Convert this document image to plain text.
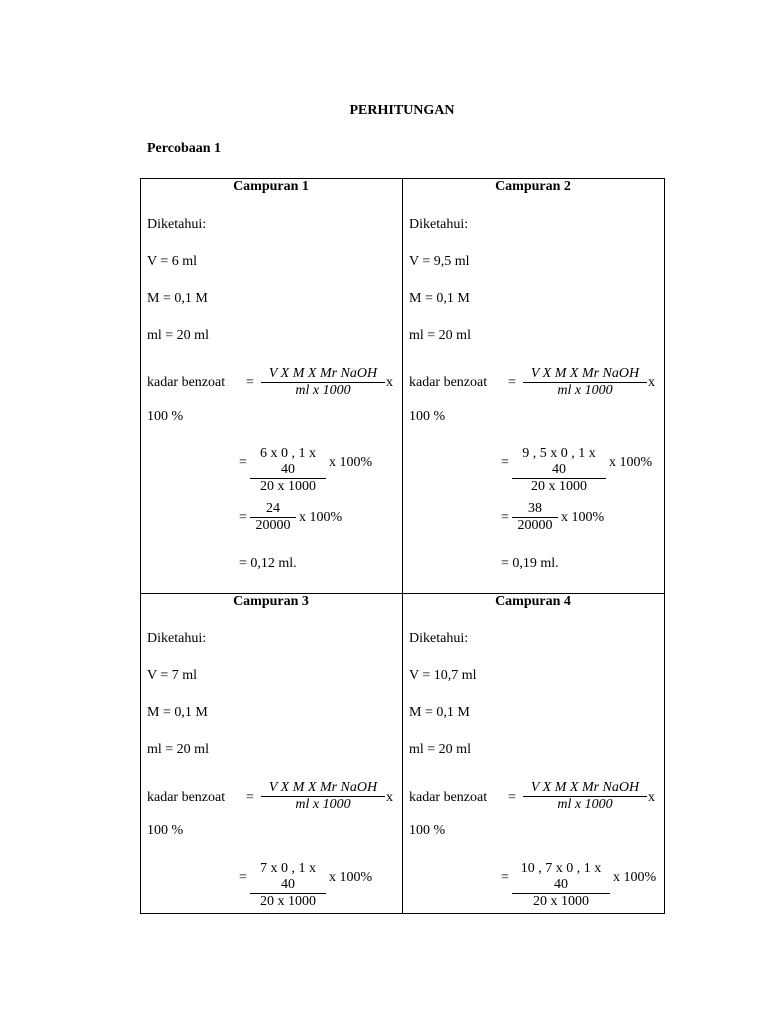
PERHITUNGAN
Percobaan 1
Campuran 1
Diketahui:
V = 6 ml
M = 0,1 M
ml = 20 ml
kadar benzoat =
V X M X Mr NaOH
ml x 1000
x
100 %
= $\frac{6 x 0 , 1 x 40}{20 x 1000}$ x 100%
= $\frac{24}{20000}$ x 100%
= 0,12 ml.
Campuran 2
Diketahui:
V = 9,5 ml
M = 0,1 M
ml = 20 ml
kadar benzoat =
V X M X Mr NaOH
ml x 1000
x
100 %
= $\frac{9 , 5 x 0 , 1 x 40}{20 x 1000}$ x 100%
= $\frac{38}{20000}$ x 100%
= 0,19 ml.
Campuran 3
Diketahui:
V = 7 ml
M = 0,1 M
ml = 20 ml
kadar benzoat =
V X M X Mr NaOH
ml x 1000	x
100 %
= $\frac{7 x 0 , 1 x 40}{20 x 1000}$ x 100%
Campuran 4
Diketahui:
V = 10,7 ml
M = 0,1 M
ml = 20 ml
kadar benzoat =
V X M X Mr NaOH
ml x 1000	x
100 %
= $\frac{10 , 7 x 0 , 1 x 40}{20 x 1000}$ x 100%
